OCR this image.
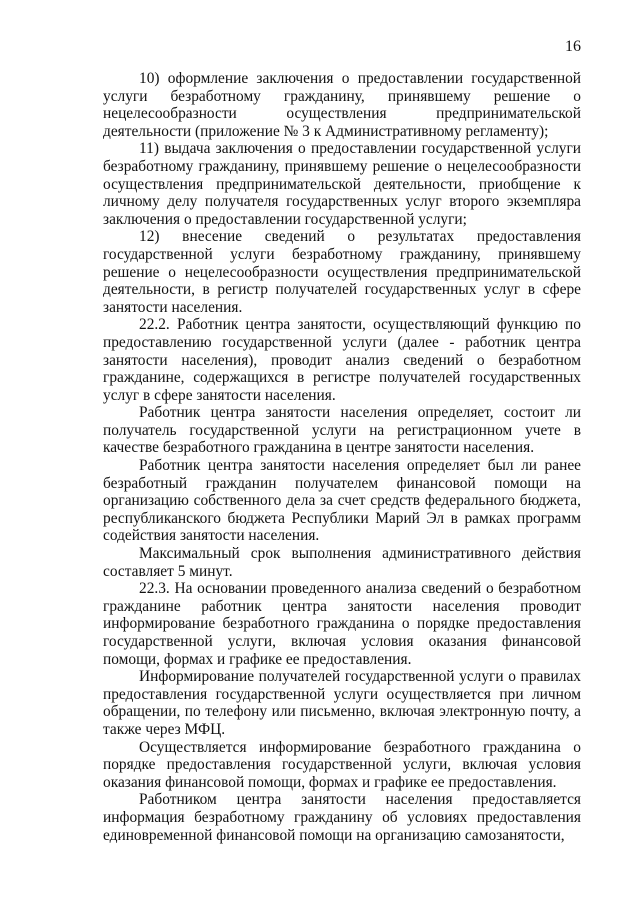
16

10) оформление заключения о предоставлении государственной услуги безработному гражданину, принявшему решение о нецелесообразности осуществления предпринимательской деятельности (приложение № 3 к Административному регламенту);

11) выдача заключения о предоставлении государственной услуги безработному гражданину, принявшему решение о нецелесообразности осуществления предпринимательской деятельности, приобщение к личному делу получателя государственных услуг второго экземпляра заключения о предоставлении государственной услуги;

12) внесение сведений о результатах предоставления государственной услуги безработному гражданину, принявшему решение о нецелесообразности осуществления предпринимательской деятельности, в регистр получателей государственных услуг в сфере занятости населения.

22.2. Работник центра занятости, осуществляющий функцию по предоставлению государственной услуги (далее - работник центра занятости населения), проводит анализ сведений о безработном гражданине, содержащихся в регистре получателей государственных услуг в сфере занятости населения.

Работник центра занятости населения определяет, состоит ли получатель государственной услуги на регистрационном учете в качестве безработного гражданина в центре занятости населения.

Работник центра занятости населения определяет был ли ранее безработный гражданин получателем финансовой помощи на организацию собственного дела за счет средств федерального бюджета, республиканского бюджета Республики Марий Эл в рамках программ содействия занятости населения.

Максимальный срок выполнения административного действия составляет 5 минут.

22.3. На основании проведенного анализа сведений о безработном гражданине работник центра занятости населения проводит информирование безработного гражданина о порядке предоставления государственной услуги, включая условия оказания финансовой помощи, формах и графике ее предоставления.

Информирование получателей государственной услуги о правилах предоставления государственной услуги осуществляется при личном обращении, по телефону или письменно, включая электронную почту, а также через МФЦ.

Осуществляется информирование безработного гражданина о порядке предоставления государственной услуги, включая условия оказания финансовой помощи, формах и графике ее предоставления.

Работником центра занятости населения предоставляется информация безработному гражданину об условиях предоставления единовременной финансовой помощи на организацию самозанятости,
